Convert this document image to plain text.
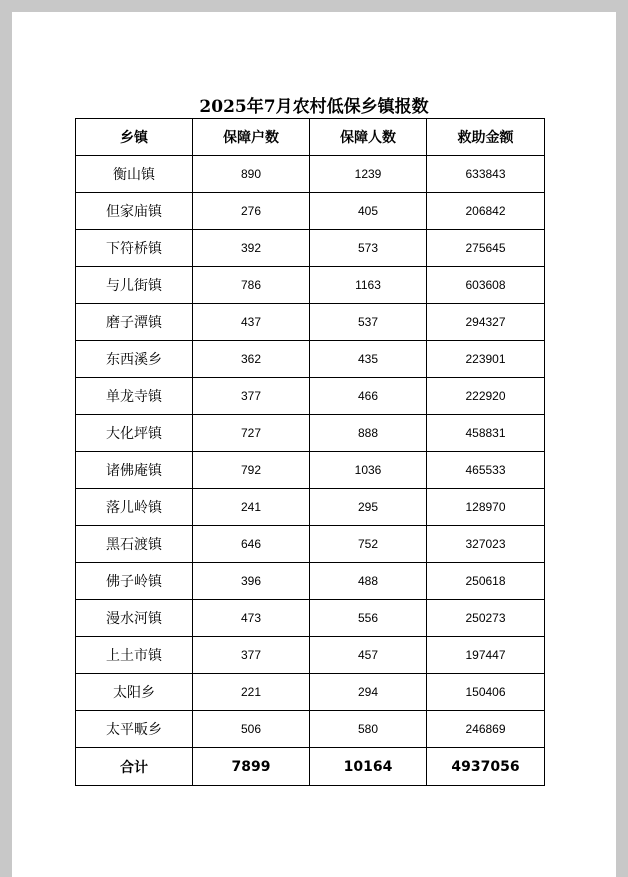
2025年7月农村低保乡镇报数
乡镇	保障户数	保障人数	救助金额
衡山镇	890	1239	633843
但家庙镇	276	405	206842
下符桥镇	392	573	275645
与儿街镇	786	1163	603608
磨子潭镇	437	537	294327
东西溪乡	362	435	223901
单龙寺镇	377	466	222920
大化坪镇	727	888	458831
诸佛庵镇	792	1036	465533
落儿岭镇	241	295	128970
黑石渡镇	646	752	327023
佛子岭镇	396	488	250618
漫水河镇	473	556	250273
上土市镇	377	457	197447
太阳乡	221	294	150406
太平畈乡	506	580	246869
合计	7899	10164	4937056
